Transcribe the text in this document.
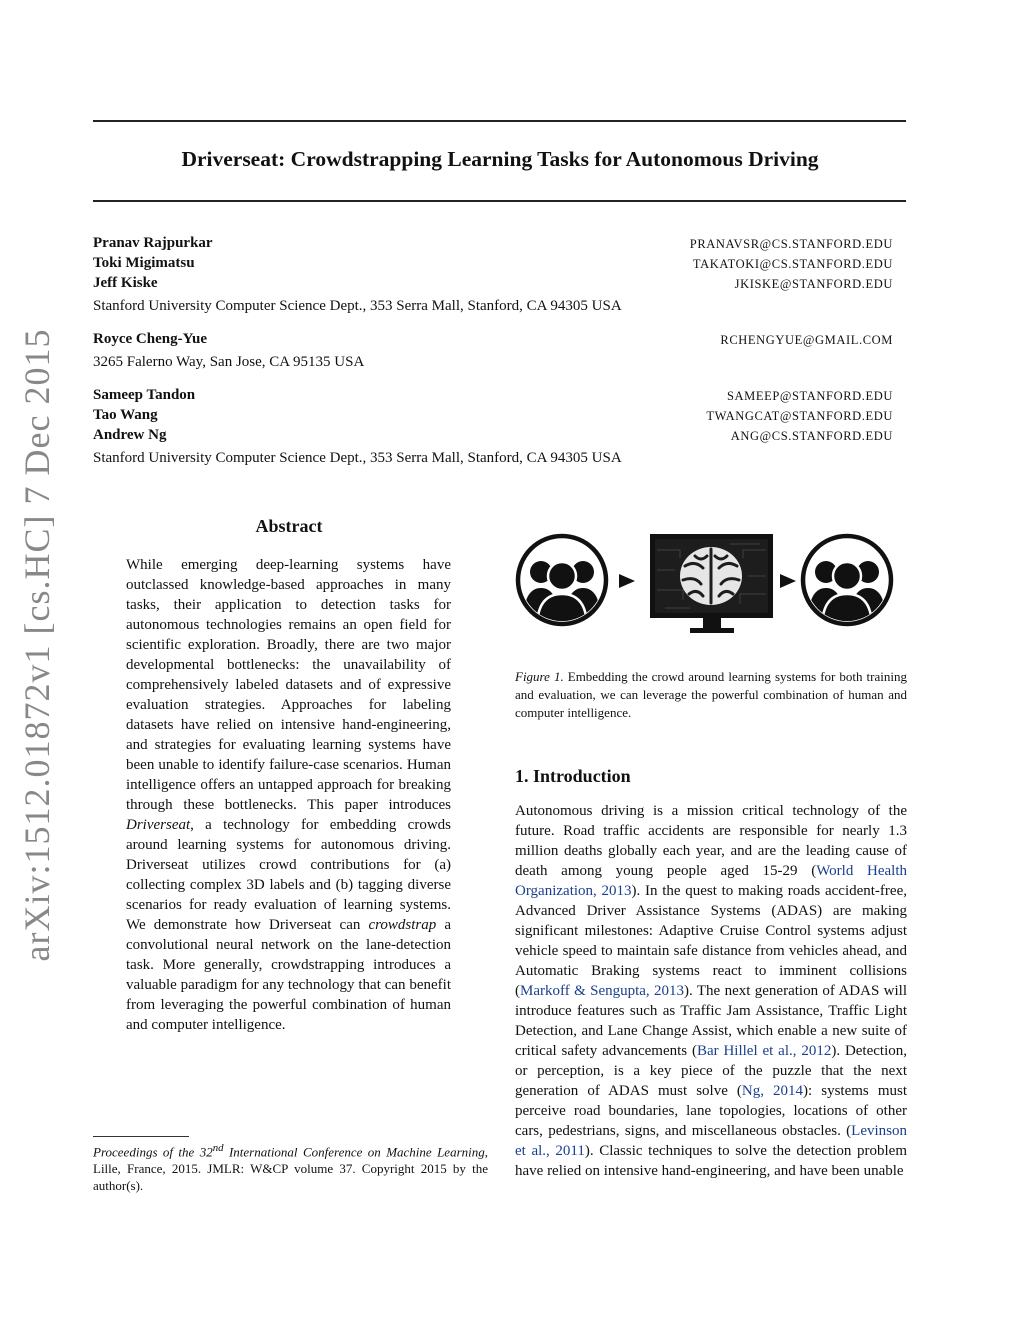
arXiv:1512.01872v1 [cs.HC] 7 Dec 2015
Driverseat: Crowdstrapping Learning Tasks for Autonomous Driving
Pranav Rajpurkar	PRANAVSR@CS.STANFORD.EDU
Toki Migimatsu	TAKATOKI@CS.STANFORD.EDU
Jeff Kiske	JKISKE@STANFORD.EDU
Stanford University Computer Science Dept., 353 Serra Mall, Stanford, CA 94305 USA
Royce Cheng-Yue	RCHENGYUE@GMAIL.COM
3265 Falerno Way, San Jose, CA 95135 USA
Sameep Tandon	SAMEEP@STANFORD.EDU
Tao Wang	TWANGCAT@STANFORD.EDU
Andrew Ng	ANG@CS.STANFORD.EDU
Stanford University Computer Science Dept., 353 Serra Mall, Stanford, CA 94305 USA
Abstract

While emerging deep-learning systems have outclassed knowledge-based approaches in many tasks, their application to detection tasks for autonomous technologies remains an open field for scientific exploration. Broadly, there are two major developmental bottlenecks: the unavailability of comprehensively labeled datasets and of expressive evaluation strategies. Approaches for labeling datasets have relied on intensive hand-engineering, and strategies for evaluating learning systems have been unable to identify failure-case scenarios. Human intelligence offers an untapped approach for breaking through these bottlenecks. This paper introduces Driverseat, a technology for embedding crowds around learning systems for autonomous driving. Driverseat utilizes crowd contributions for (a) collecting complex 3D labels and (b) tagging diverse scenarios for ready evaluation of learning systems. We demonstrate how Driverseat can crowdstrap a convolutional neural network on the lane-detection task. More generally, crowdstrapping introduces a valuable paradigm for any technology that can benefit from leveraging the powerful combination of human and computer intelligence.

Proceedings of the 32nd International Conference on Machine Learning, Lille, France, 2015. JMLR: W&CP volume 37. Copyright 2015 by the author(s).
Figure 1. Embedding the crowd around learning systems for both training and evaluation, we can leverage the powerful combination of human and computer intelligence.
1. Introduction

Autonomous driving is a mission critical technology of the future. Road traffic accidents are responsible for nearly 1.3 million deaths globally each year, and are the leading cause of death among young people aged 15-29 (World Health Organization, 2013). In the quest to making roads accident-free, Advanced Driver Assistance Systems (ADAS) are making significant milestones: Adaptive Cruise Control systems adjust vehicle speed to maintain safe distance from vehicles ahead, and Automatic Braking systems react to imminent collisions (Markoff & Sengupta, 2013). The next generation of ADAS will introduce features such as Traffic Jam Assistance, Traffic Light Detection, and Lane Change Assist, which enable a new suite of critical safety advancements (Bar Hillel et al., 2012). Detection, or perception, is a key piece of the puzzle that the next generation of ADAS must solve (Ng, 2014): systems must perceive road boundaries, lane topologies, locations of other cars, pedestrians, signs, and miscellaneous obstacles. (Levinson et al., 2011). Classic techniques to solve the detection problem have relied on intensive hand-engineering, and have been unable
